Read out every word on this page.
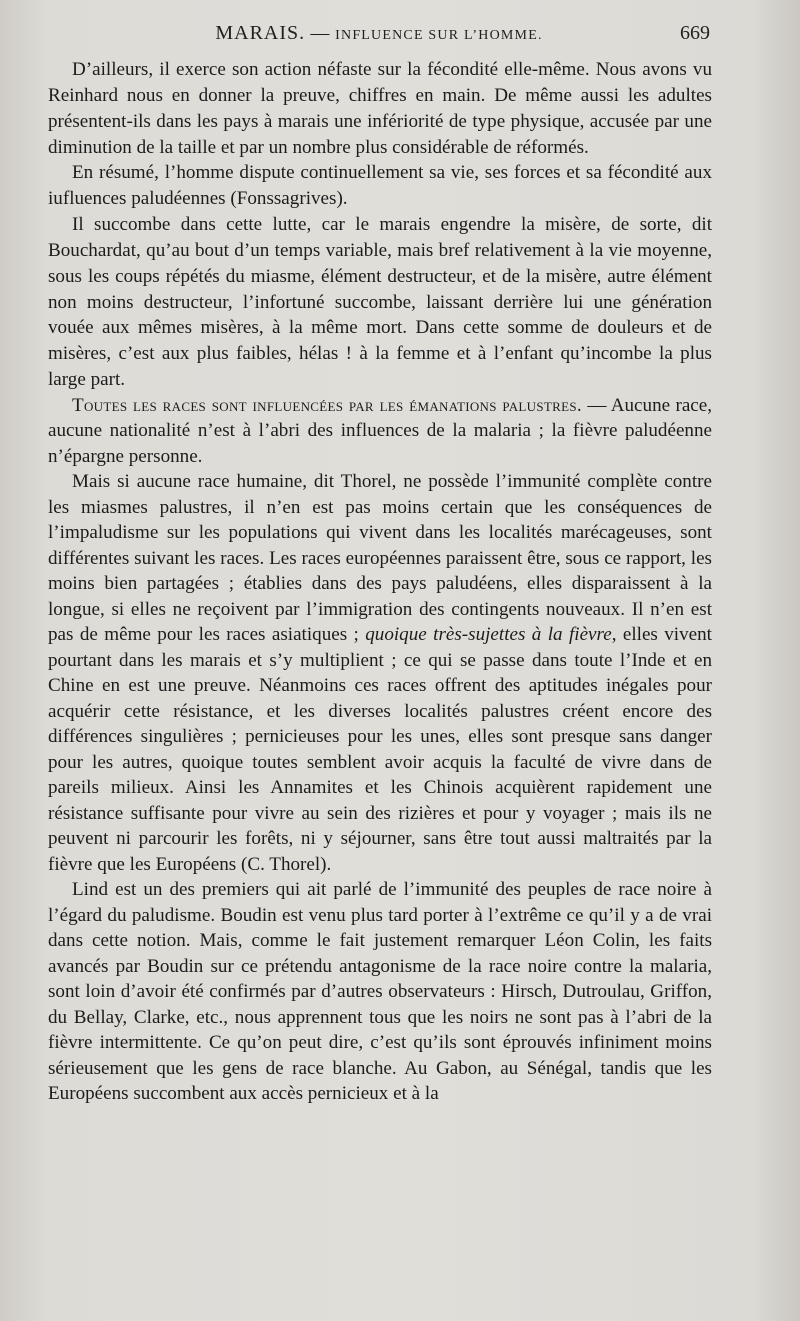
MARAIS. — INFLUENCE SUR L’HOMME.	669

D’ailleurs, il exerce son action néfaste sur la fécondité elle-même. Nous avons vu Reinhard nous en donner la preuve, chiffres en main. De même aussi les adultes présentent-ils dans les pays à marais une infériorité de type physique, accusée par une diminution de la taille et par un nombre plus considérable de réformés.

En résumé, l’homme dispute continuellement sa vie, ses forces et sa fécondité aux iufluences paludéennes (Fonssagrives).

Il succombe dans cette lutte, car le marais engendre la misère, de sorte, dit Bouchardat, qu’au bout d’un temps variable, mais bref relativement à la vie moyenne, sous les coups répétés du miasme, élément destructeur, et de la misère, autre élément non moins destructeur, l’infortuné succombe, laissant derrière lui une génération vouée aux mêmes misères, à la même mort. Dans cette somme de douleurs et de misères, c’est aux plus faibles, hélas ! à la femme et à l’enfant qu’incombe la plus large part.

Toutes les races sont influencées par les émanations palustres. — Aucune race, aucune nationalité n’est à l’abri des influences de la malaria ; la fièvre paludéenne n’épargne personne.

Mais si aucune race humaine, dit Thorel, ne possède l’immunité complète contre les miasmes palustres, il n’en est pas moins certain que les conséquences de l’impaludisme sur les populations qui vivent dans les localités marécageuses, sont différentes suivant les races. Les races européennes paraissent être, sous ce rapport, les moins bien partagées ; établies dans des pays paludéens, elles disparaissent à la longue, si elles ne reçoivent par l’immigration des contingents nouveaux. Il n’en est pas de même pour les races asiatiques ; quoique très-sujettes à la fièvre, elles vivent pourtant dans les marais et s’y multiplient ; ce qui se passe dans toute l’Inde et en Chine en est une preuve. Néanmoins ces races offrent des aptitudes inégales pour acquérir cette résistance, et les diverses localités palustres créent encore des différences singulières ; pernicieuses pour les unes, elles sont presque sans danger pour les autres, quoique toutes semblent avoir acquis la faculté de vivre dans de pareils milieux. Ainsi les Annamites et les Chinois acquièrent rapidement une résistance suffisante pour vivre au sein des rizières et pour y voyager ; mais ils ne peuvent ni parcourir les forêts, ni y séjourner, sans être tout aussi maltraités par la fièvre que les Européens (C. Thorel).

Lind est un des premiers qui ait parlé de l’immunité des peuples de race noire à l’égard du paludisme. Boudin est venu plus tard porter à l’extrême ce qu’il y a de vrai dans cette notion. Mais, comme le fait justement remarquer Léon Colin, les faits avancés par Boudin sur ce prétendu antagonisme de la race noire contre la malaria, sont loin d’avoir été confirmés par d’autres observateurs : Hirsch, Dutroulau, Griffon, du Bellay, Clarke, etc., nous apprennent tous que les noirs ne sont pas à l’abri de la fièvre intermittente. Ce qu’on peut dire, c’est qu’ils sont éprouvés infiniment moins sérieusement que les gens de race blanche. Au Gabon, au Sénégal, tandis que les Européens succombent aux accès pernicieux et à la
